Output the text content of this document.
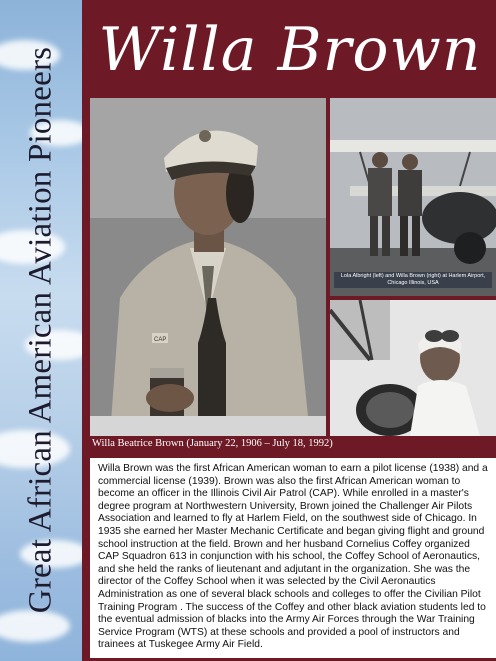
Great African American Aviation Pioneers Willa Brown
CAP
Lola Albright (left) and Willa Brown (right) at Harlem Airport, Chicago Illinois, USA
Willa Beatrice Brown (January 22, 1906 – July 18, 1992)
Willa Brown was the first African American woman to earn a pilot license (1938) and a commercial license (1939). Brown was also the first African American woman to become an officer in the Illinois Civil Air Patrol (CAP). While enrolled in a master's degree program at Northwestern University, Brown joined the Challenger Air Pilots Association and learned to fly at Harlem Field, on the southwest side of Chicago. In 1935 she earned her Master Mechanic Certificate and began giving flight and ground school instruction at the field. Brown and her husband Cornelius Coffey organized CAP Squadron 613 in conjunction with his school, the Coffey School of Aeronautics, and she held the ranks of lieutenant and adjutant in the organization. She was the director of the Coffey School when it was selected by the Civil Aeronautics Administration as one of several black schools and colleges to offer the Civilian Pilot Training Program . The success of the Coffey and other black aviation students led to the eventual admission of blacks into the Army Air Forces through the War Training Service Program (WTS) at these schools and provided a pool of instructors and trainees at Tuskegee Army Air Field.
